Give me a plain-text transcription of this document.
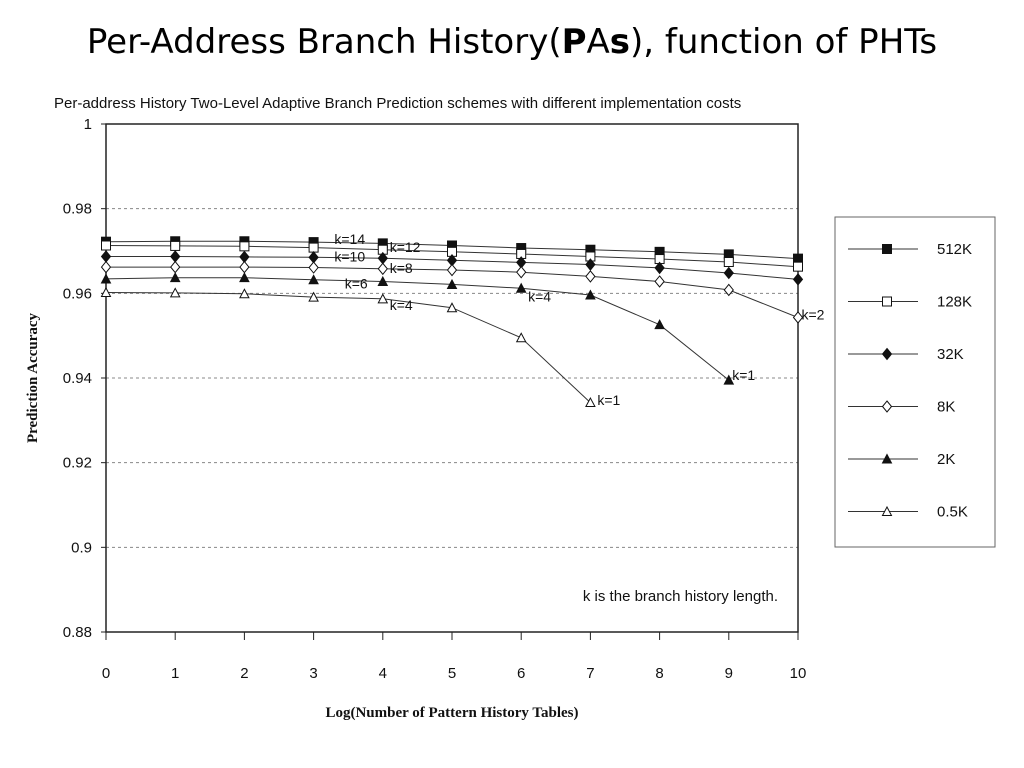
Per-Address Branch History(PAs), function of PHTs
Per-address History Two-Level Adaptive Branch Prediction schemes with different implementation costs
0.88
0.9
0.92
0.94
0.96
0.98
1
0	1	2	3	4	5	6	7	8	9	10
k=14 k=12
k=10
k=8
k=6
k=4
k=4
k=2
k=1
k=1
k is the branch history length.
Log(Number of Pattern History Tables)
Prediction Accuracy
512K
128K
32K
8K
2K
0.5K
